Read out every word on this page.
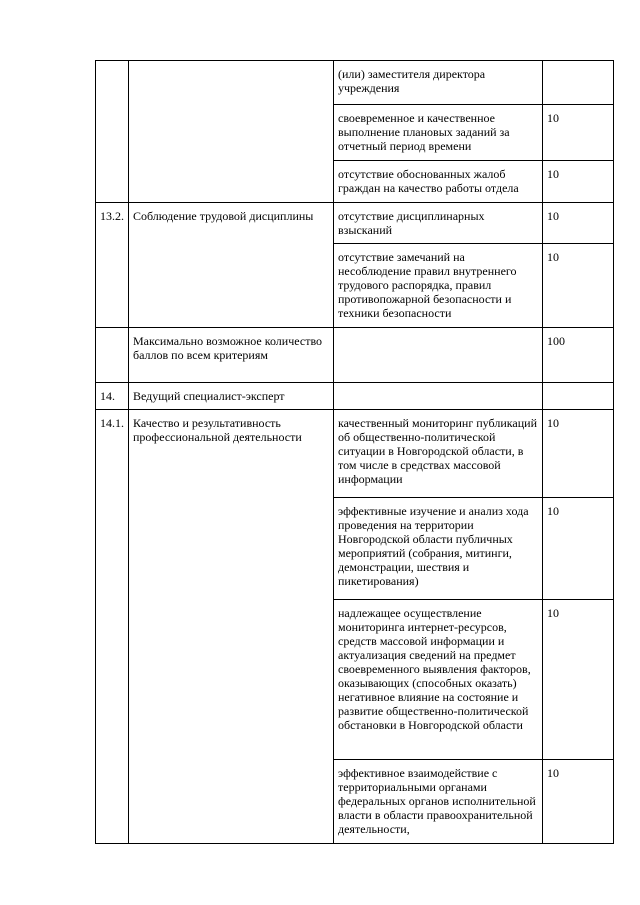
		(или) заместителя директора учреждения	

		своевременное и качественное выполнение плановых заданий за отчетный период времени	10

		отсутствие обоснованных жалоб граждан на качество работы отдела	10

13.2.	Соблюдение трудовой дисциплины	отсутствие дисциплинарных взысканий	10

		отсутствие замечаний на несоблюдение правил внутреннего трудового распорядка, правил противопожарной безопасности и техники безопасности	10

	Максимально возможное количество баллов по всем критериям		100

14.	Ведущий специалист-эксперт		

14.1.	Качество и результативность профессиональной деятельности	качественный мониторинг публикаций об общественно-политической ситуации в Новгородской области, в том числе в средствах массовой информации	10

		эффективные изучение и анализ хода проведения на территории Новгородской области публичных мероприятий (собрания, митинги, демонстрации, шествия и пикетирования)	10

		надлежащее осуществление мониторинга интернет-ресурсов, средств массовой информации и актуализация сведений на предмет своевременного выявления факторов, оказывающих (способных оказать) негативное влияние на состояние и развитие общественно-политической обстановки в Новгородской области	10

		эффективное взаимодействие с территориальными органами федеральных органов исполнительной власти в области правоохранительной деятельности,	10
